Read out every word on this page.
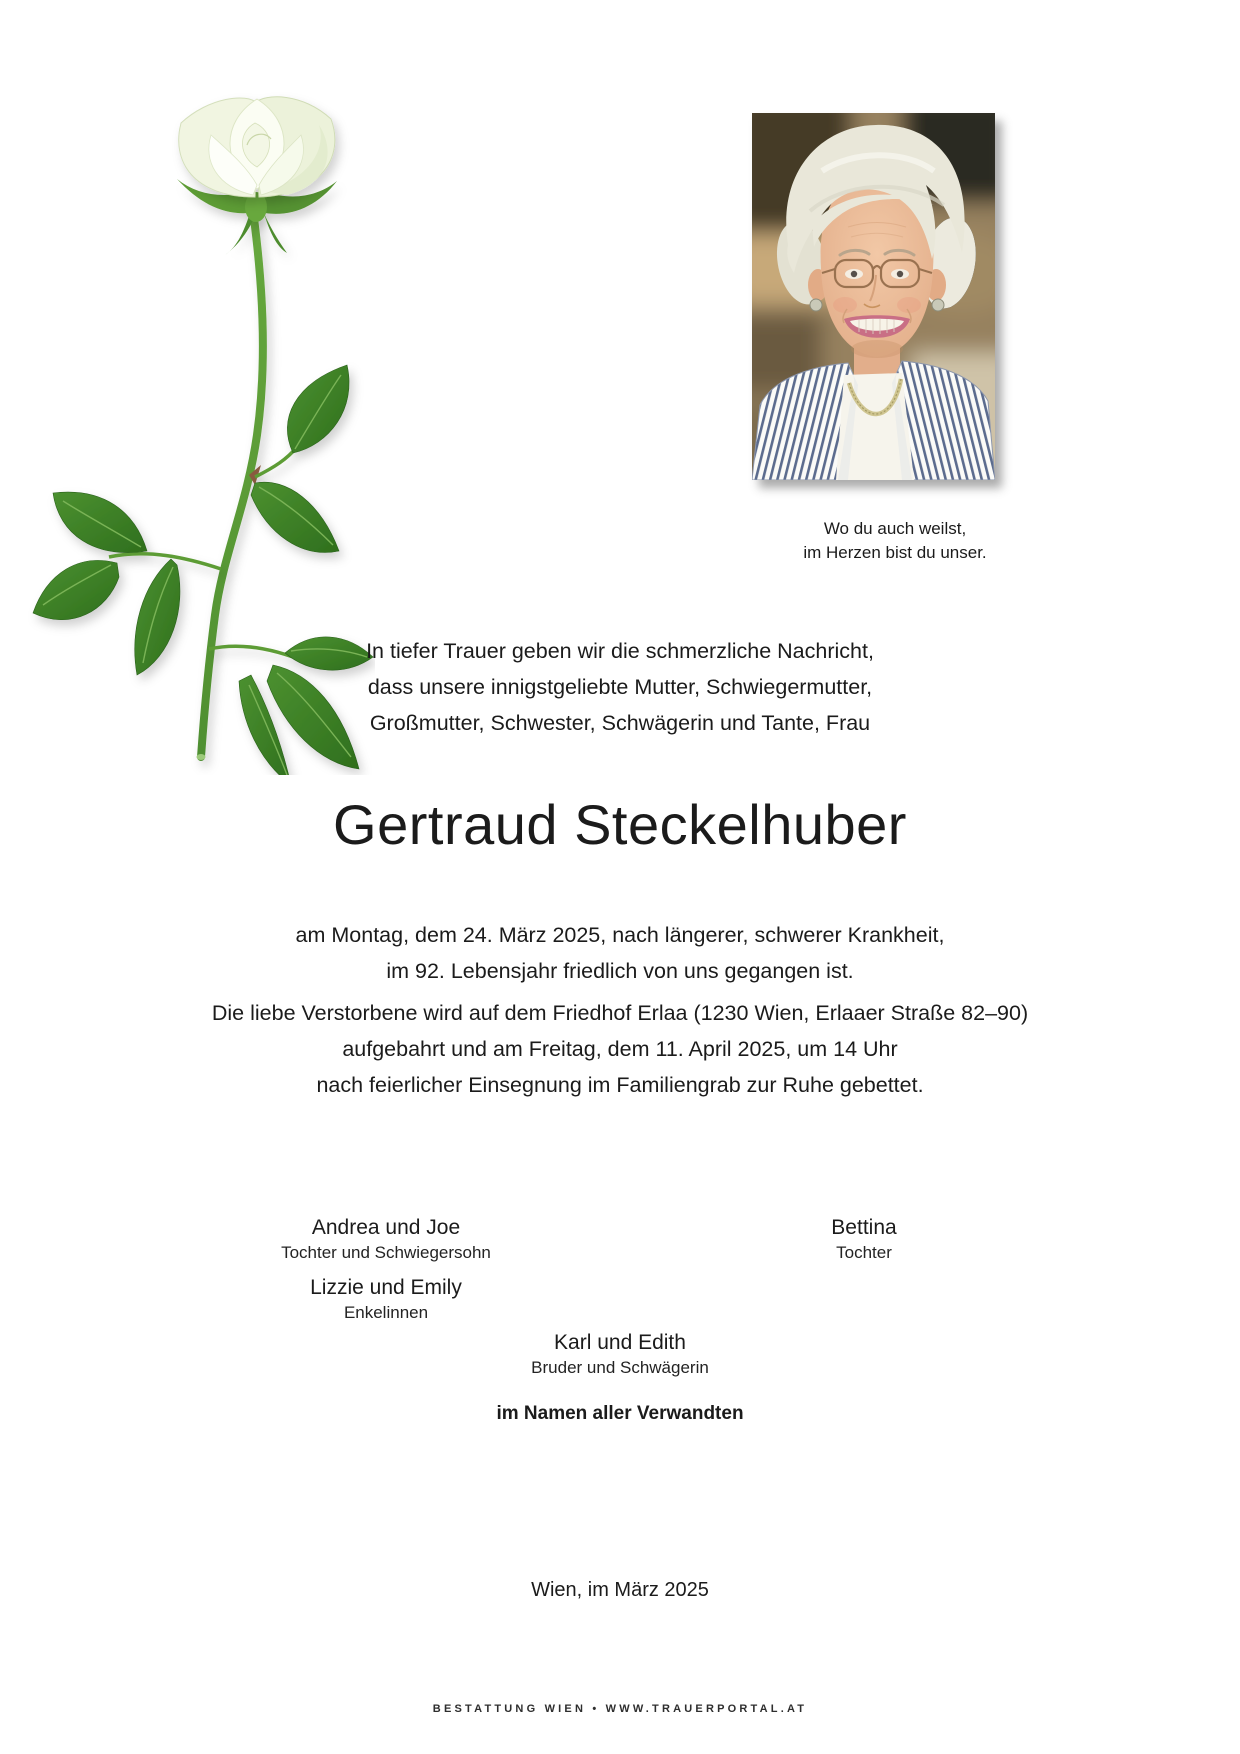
Wo du auch weilst,
im Herzen bist du unser.
In tiefer Trauer geben wir die schmerzliche Nachricht,
dass unsere innigstgeliebte Mutter, Schwiegermutter,
Großmutter, Schwester, Schwägerin und Tante, Frau
Gertraud Steckelhuber
am Montag, dem 24. März 2025, nach längerer, schwerer Krankheit,
im 92. Lebensjahr friedlich von uns gegangen ist.
Die liebe Verstorbene wird auf dem Friedhof Erlaa (1230 Wien, Erlaaer Straße 82–90)
aufgebahrt und am Freitag, dem 11. April 2025, um 14 Uhr
nach feierlicher Einsegnung im Familiengrab zur Ruhe gebettet.
Andrea und Joe
Tochter und Schwiegersohn
Bettina
Tochter
Lizzie und Emily
Enkelinnen
Karl und Edith
Bruder und Schwägerin
im Namen aller Verwandten
Wien, im März 2025
BESTATTUNG WIEN • WWW.TRAUERPORTAL.AT
